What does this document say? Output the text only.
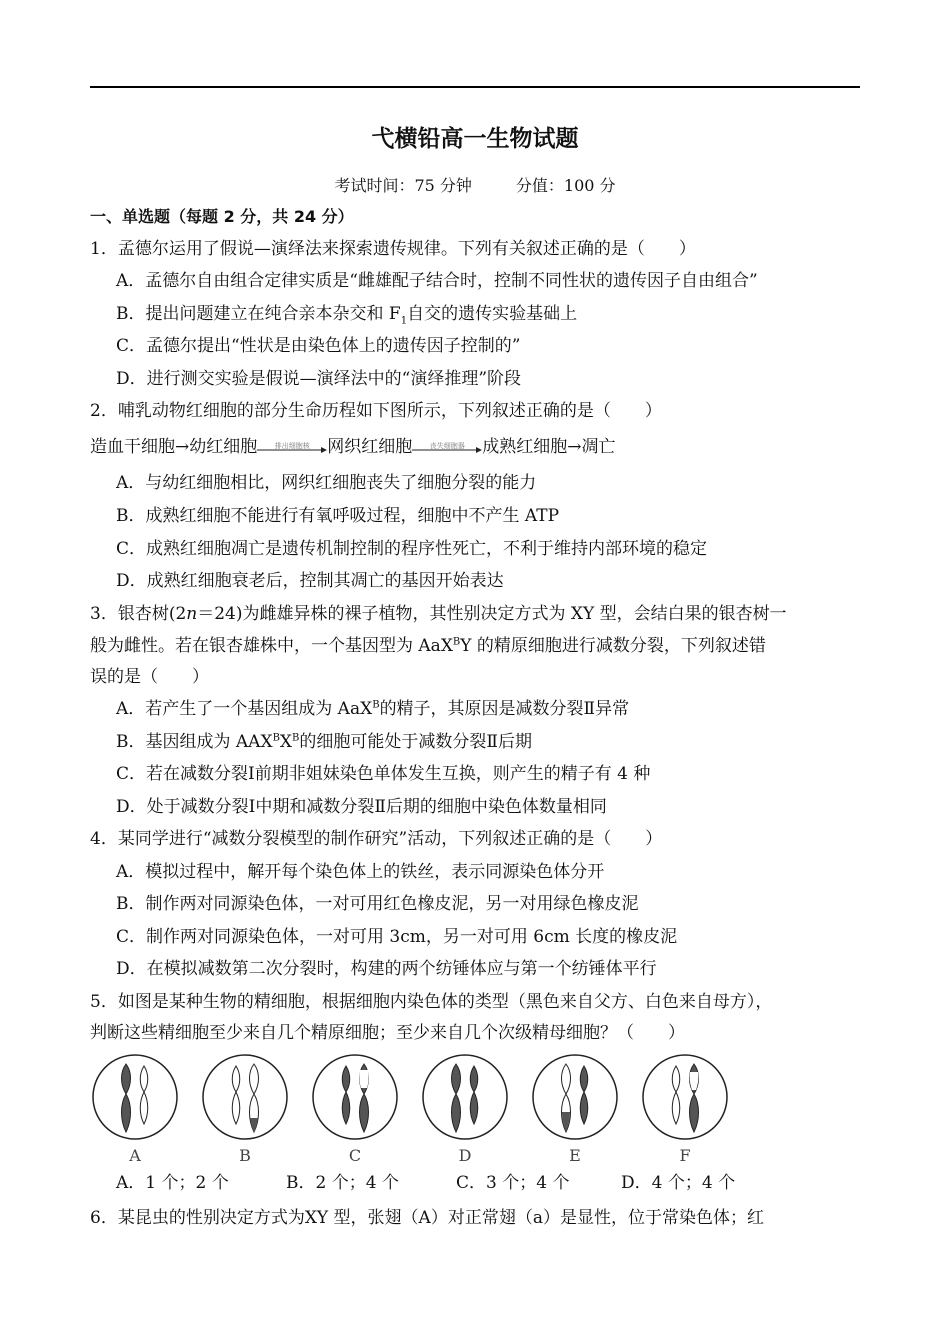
弋横铅高一生物试题
考试时间：75 分钟	分值：100 分
一、单选题（每题 2 分，共 24 分）
1．孟德尔运用了假说—演绎法来探索遗传规律。下列有关叙述正确的是（　　）
A．孟德尔自由组合定律实质是“雌雄配子结合时，控制不同性状的遗传因子自由组合”
B．提出问题建立在纯合亲本杂交和 $F_1$自交的遗传实验基础上
C．孟德尔提出“性状是由染色体上的遗传因子控制的”
D．进行测交实验是假说—演绎法中的“演绎推理”阶段
2．哺乳动物红细胞的部分生命历程如下图所示，下列叙述正确的是（　　）
造血干细胞→幼红细胞	排出细胞核	网织红细胞	丧失细胞器	成熟红细胞→凋亡
A．与幼红细胞相比，网织红细胞丧失了细胞分裂的能力
B．成熟红细胞不能进行有氧呼吸过程，细胞中不产生 ATP
C．成熟红细胞凋亡是遗传机制控制的程序性死亡，不利于维持内部环境的稳定
D．成熟红细胞衰老后，控制其凋亡的基因开始表达
3．银杏树(2n＝24)为雌雄异株的裸子植物，其性别决定方式为 XY 型，会结白果的银杏树一
般为雌性。若在银杏雄株中，一个基因型为 AaX$^B$Y 的精原细胞进行减数分裂，下列叙述错
误的是（　　）
A．若产生了一个基因组成为 AaX$^B$的精子，其原因是减数分裂Ⅱ异常
B．基因组成为 $AAX^BX^B$的细胞可能处于减数分裂Ⅱ后期
C．若在减数分裂Ⅰ前期非姐妹染色单体发生互换，则产生的精子有 4 种
D．处于减数分裂Ⅰ中期和减数分裂Ⅱ后期的细胞中染色体数量相同
4．某同学进行“减数分裂模型的制作研究”活动，下列叙述正确的是（　　）
A．模拟过程中，解开每个染色体上的铁丝，表示同源染色体分开
B．制作两对同源染色体，一对可用红色橡皮泥，另一对用绿色橡皮泥
C．制作两对同源染色体，一对可用 3cm，另一对可用 6cm 长度的橡皮泥
D．在模拟减数第二次分裂时，构建的两个纺锤体应与第一个纺锤体平行
5．如图是某种生物的精细胞，根据细胞内染色体的类型（黑色来自父方、白色来自母方），
判断这些精细胞至少来自几个精原细胞；至少来自几个次级精母细胞？（　　）
A	B	C	D	E	F
A．1 个；2 个	B．2 个；4 个	C．3 个；4 个	D．4 个；4 个
6．某昆虫的性别决定方式为XY 型，张翅（A）对正常翅（a）是显性，位于常染色体；红
